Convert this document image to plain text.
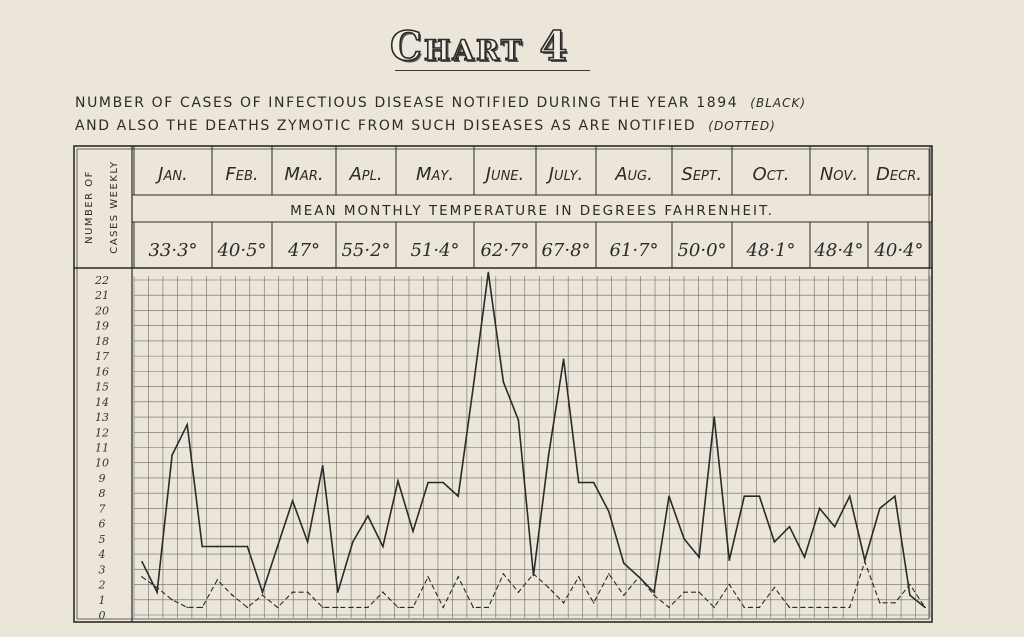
Chart 4
NUMBER OF CASES OF INFECTIOUS DISEASE NOTIFIED DURING THE YEAR 1894 (BLACK)
AND ALSO THE DEATHS ZYMOTIC FROM SUCH DISEASES AS ARE NOTIFIED (DOTTED)
Jan. Feb. Mar. Apl. May. June. July. Aug. Sept. Oct. Nov. Decr.
33·3° 40·5° 47° 55·2° 51·4° 62·7° 67·8° 61·7° 50·0° 48·1° 48·4° 40·4°
22
21
20
19
18
17
16
15
14
13
12
11
10
9
8
7
6
5
4
3
2
1
0
MEAN MONTHLY TEMPERATURE IN DEGREES FAHRENHEIT.
NUMBER OF CASES WEEKLY
